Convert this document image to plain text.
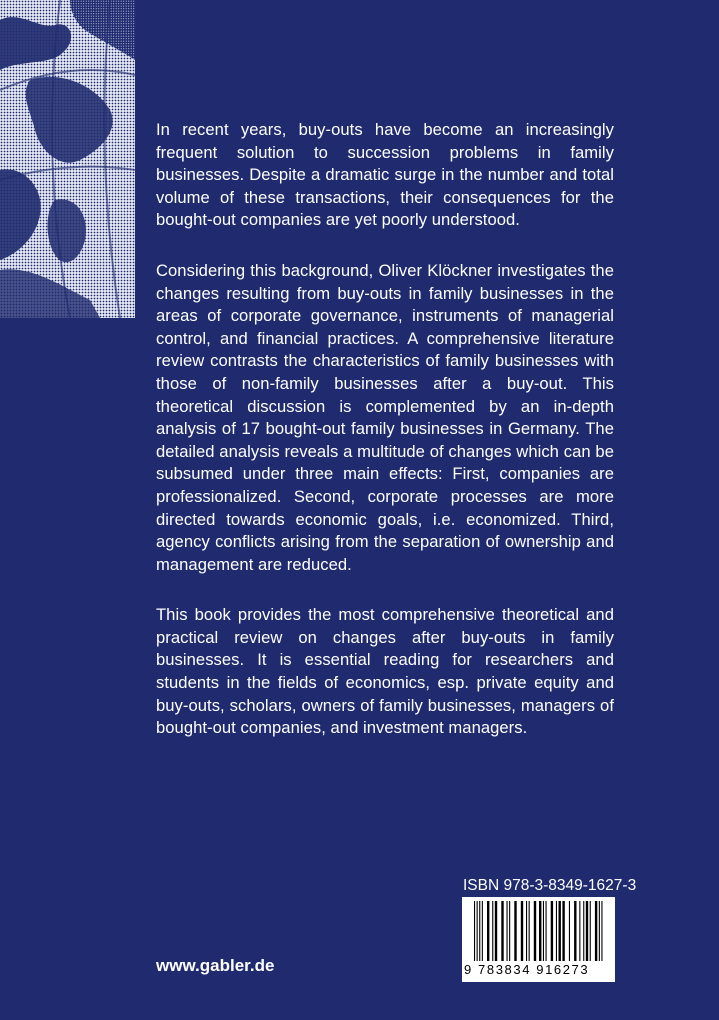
In recent years, buy-outs have become an increasingly frequent solution to succession problems in family businesses. Despite a dramatic surge in the number and total volume of these transactions, their consequences for the bought-out companies are yet poorly understood.

Considering this background, Oliver Klöckner investigates the changes resulting from buy-outs in family businesses in the areas of corporate governance, instruments of managerial control, and financial practices. A comprehensive literature review contrasts the characteristics of family businesses with those of non-family businesses after a buy-out. This theoretical discussion is complemented by an in-depth analysis of 17 bought-out family businesses in Germany. The detailed analysis reveals a multitude of changes which can be subsumed under three main effects: First, companies are professionalized. Second, corporate processes are more directed towards economic goals, i.e. economized. Third, agency conflicts arising from the separation of ownership and management are reduced.

This book provides the most comprehensive theoretical and practical review on changes after buy-outs in family businesses. It is essential reading for researchers and students in the fields of economics, esp. private equity and buy-outs, scholars, owners of family businesses, managers of bought-out companies, and investment managers.

www.gabler.de
ISBN 978-3-8349-1627-3
9 783834 916273
